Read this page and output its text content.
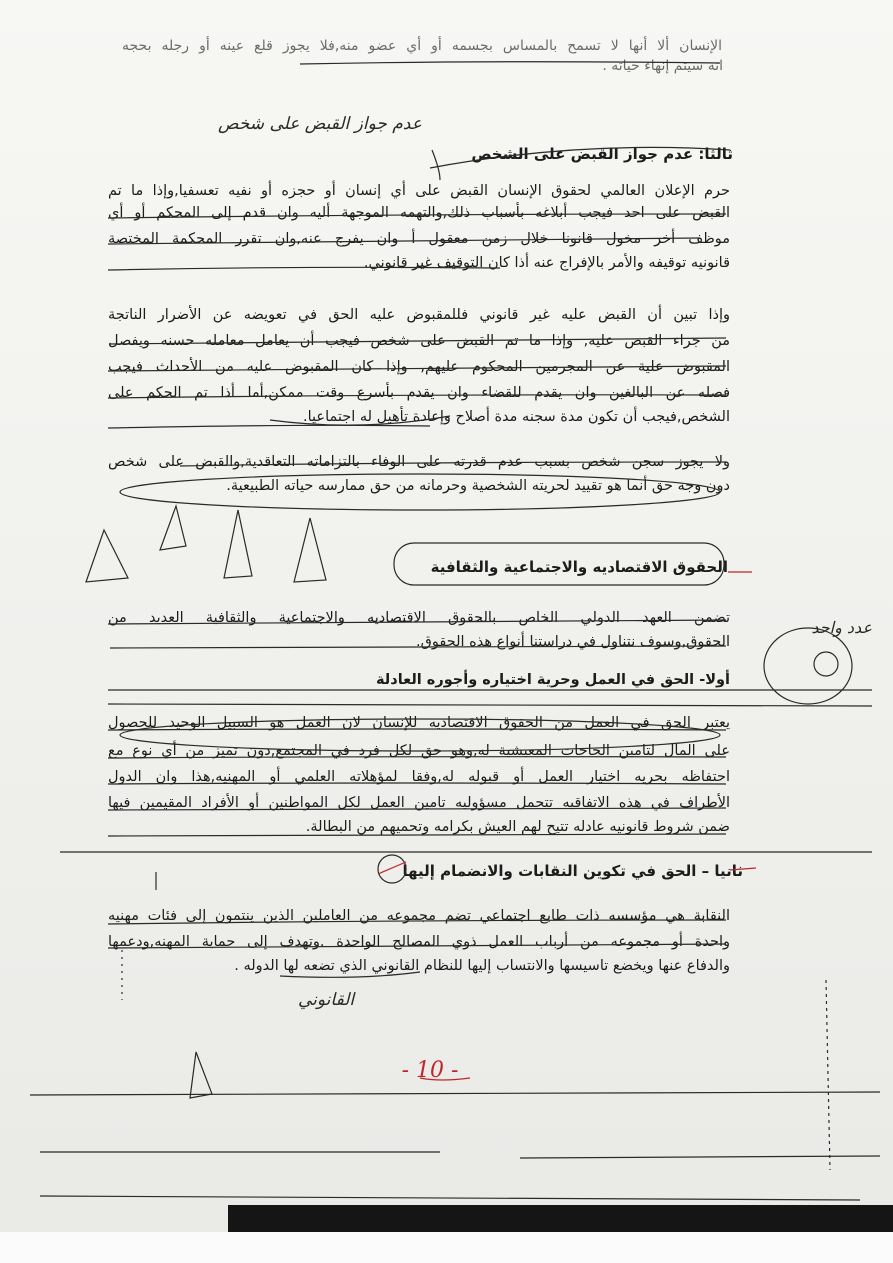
الإنسان ألا أنها لا تسمح بالمساس بجسمه أو أي عضو منه,فلا يجوز قلع عينه أو رجله بحجه
انه سيتم إنهاء حياته .
عدم جواز القبض على شخص
ثالثا: عدم جواز القبض على الشخص
حرم الإعلان العالمي لحقوق الإنسان القبض على أي إنسان أو حجزه أو نفيه تعسفيا,وإذا ما تم
القبض على احد فيجب أبلاغه بأسباب ذلك,والتهمه الموجهة أليه وان قدم إلى المحكم أو أي
موظف أخر مخول قانونا خلال زمن معقول أ وان يفرج عنه,وان تقرر المحكمة المختصة
قانونيه توقيفه والأمر بالإفراج عنه أذا كان التوقيف غير قانوني.
وإذا تبين أن القبض عليه غير قانوني فللمقبوض عليه الحق في تعويضه عن الأضرار الناتجة
من جراء القبض عليه, وإذا ما تم القبض على شخص فيجب أن يعامل معامله حسنه ويفصل
المقبوض علية عن المجرمين المحكوم عليهم, وإذا كان المقبوض عليه من الأحداث فيجب
فصله عن البالغين وان يقدم للقضاء وان يقدم بأسرع وقت ممكن,أما أذا تم الحكم على
الشخص,فيجب أن تكون مدة سجنه مدة أصلاح وإعادة تأهيل له اجتماعيا.
ولا يجوز سجن شخص بسبب عدم قدرته على الوفاء بالتزاماته التعاقدية,والقبض على شخص
دون وجه حق أنما هو تقييد لحريته الشخصية وحرمانه من حق ممارسه حياته الطبيعية.
الحقوق الاقتصاديه والاجتماعية والثقافية
عدد واحد
تضمن العهد الدولي الخاص بالحقوق الاقتصاديه والاجتماعية والثقافية العديد من
الحقوق,وسوف نتناول في دراستنا أنواع هذه الحقوق.
أولا- الحق في العمل وحرية اختياره وأجوره العادلة
يعتبر الحق في العمل من الحقوق الاقتصاديه للإنسان لان العمل هو السبيل الوحيد للحصول
على المال لتامين الحاجات المعيشية له,وهو حق لكل فرد في المجتمع,دون تميز من أي نوع مع
احتفاظه بحريه اختيار العمل أو قبوله له,وفقا لمؤهلاته العلمي أو المهنيه,هذا وان الدول
الأطراف في هذه الاتفاقيه تتحمل مسؤوليه تامين العمل لكل المواطنين أو الأفراد المقيمين فيها
ضمن شروط قانونيه عادله تتيح لهم العيش بكرامه وتحميهم من البطالة.
ثانيا – الحق في تكوين النقابات والانضمام إليها
النقابة هي مؤسسه ذات طابع اجتماعي تضم مجموعه من العاملين الذين ينتمون إلى فئات مهنيه
واحدة أو مجموعه من أرباب العمل ذوي المصالح الواحدة .وتهدف إلى حماية المهنه,ودعمها
والدفاع عنها ويخضع تاسيسها والانتساب إليها للنظام القانوني الذي تضعه لها الدوله .
القانوني
- 10 -
